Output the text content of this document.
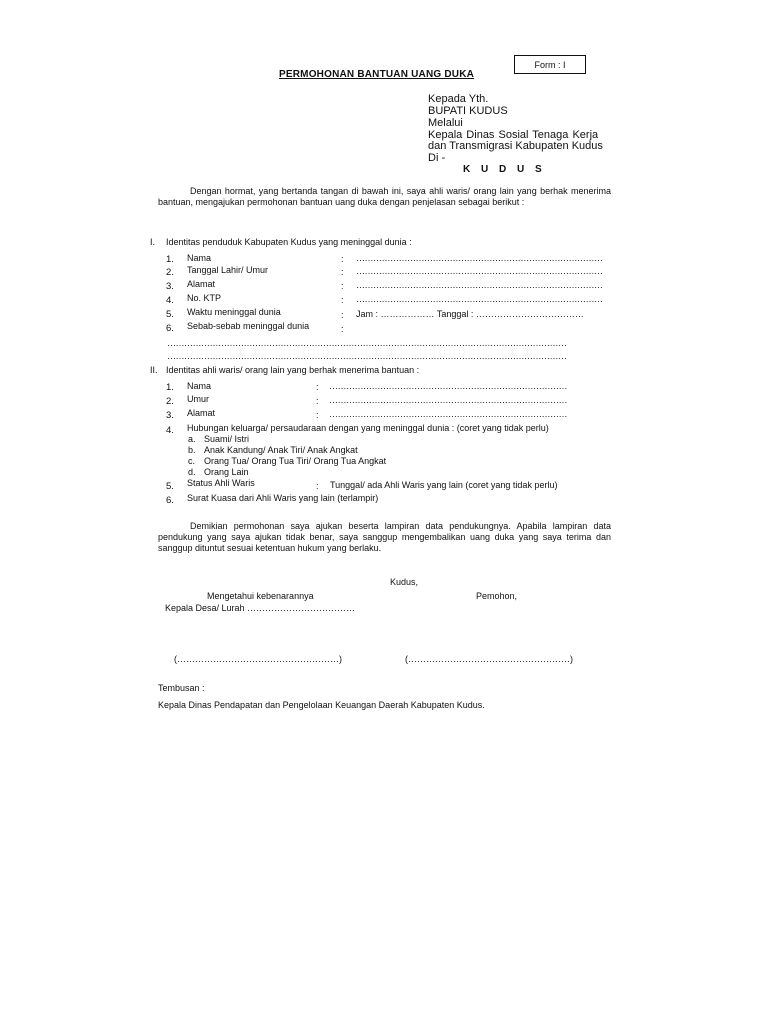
Form : I
PERMOHONAN BANTUAN UANG DUKA
Kepada Yth.
BUPATI KUDUS
Melalui
Kepala Dinas Sosial Tenaga Kerja
dan Transmigrasi Kabupaten Kudus
Di -
K U D U S
Dengan hormat, yang bertanda tangan di bawah ini, saya ahli waris/ orang lain yang berhak menerima bantuan, mengajukan permohonan bantuan uang duka dengan penjelasan sebagai berikut :
I. Identitas penduduk Kabupaten Kudus yang meninggal dunia :
1. Nama	: ……………………………………………………………………………
2. Tanggal Lahir/ Umur	: ……………………………………………………………………………
3. Alamat	: ……………………………………………………………………………
4. No. KTP	: ……………………………………………………………………………
5. Waktu meninggal dunia	: Jam : ……………… Tanggal : ………………………………
6. Sebab-sebab meninggal dunia	:
……………………………………………………………………………………………………………………………
……………………………………………………………………………………………………………………………
II. Identitas ahli waris/ orang lain yang berhak menerima bantuan :
1. Nama	: …………………………………………………………………………
2. Umur	: …………………………………………………………………………
3. Alamat	: …………………………………………………………………………
4. Hubungan keluarga/ persaudaraan dengan yang meninggal dunia : (coret yang tidak perlu)
a. Suami/ Istri
b. Anak Kandung/ Anak Tiri/ Anak Angkat
c. Orang Tua/ Orang Tua Tiri/ Orang Tua Angkat
d. Orang Lain
5. Status Ahli Waris	: Tunggal/ ada Ahli Waris yang lain (coret yang tidak perlu)
6. Surat Kuasa dari Ahli Waris yang lain (terlampir)
Demikian permohonan saya ajukan beserta lampiran data pendukungnya. Apabila lampiran data pendukung yang saya ajukan tidak benar, saya sanggup mengembalikan uang duka yang saya terima dan sanggup dituntut sesuai ketentuan hukum yang berlaku.
Kudus,
Mengetahui kebenarannya	Pemohon,
Kepala Desa/ Lurah ………………………………
(………………………………………………)	(………………………………………………)
Tembusan :
Kepala Dinas Pendapatan dan Pengelolaan Keuangan Daerah Kabupaten Kudus.
